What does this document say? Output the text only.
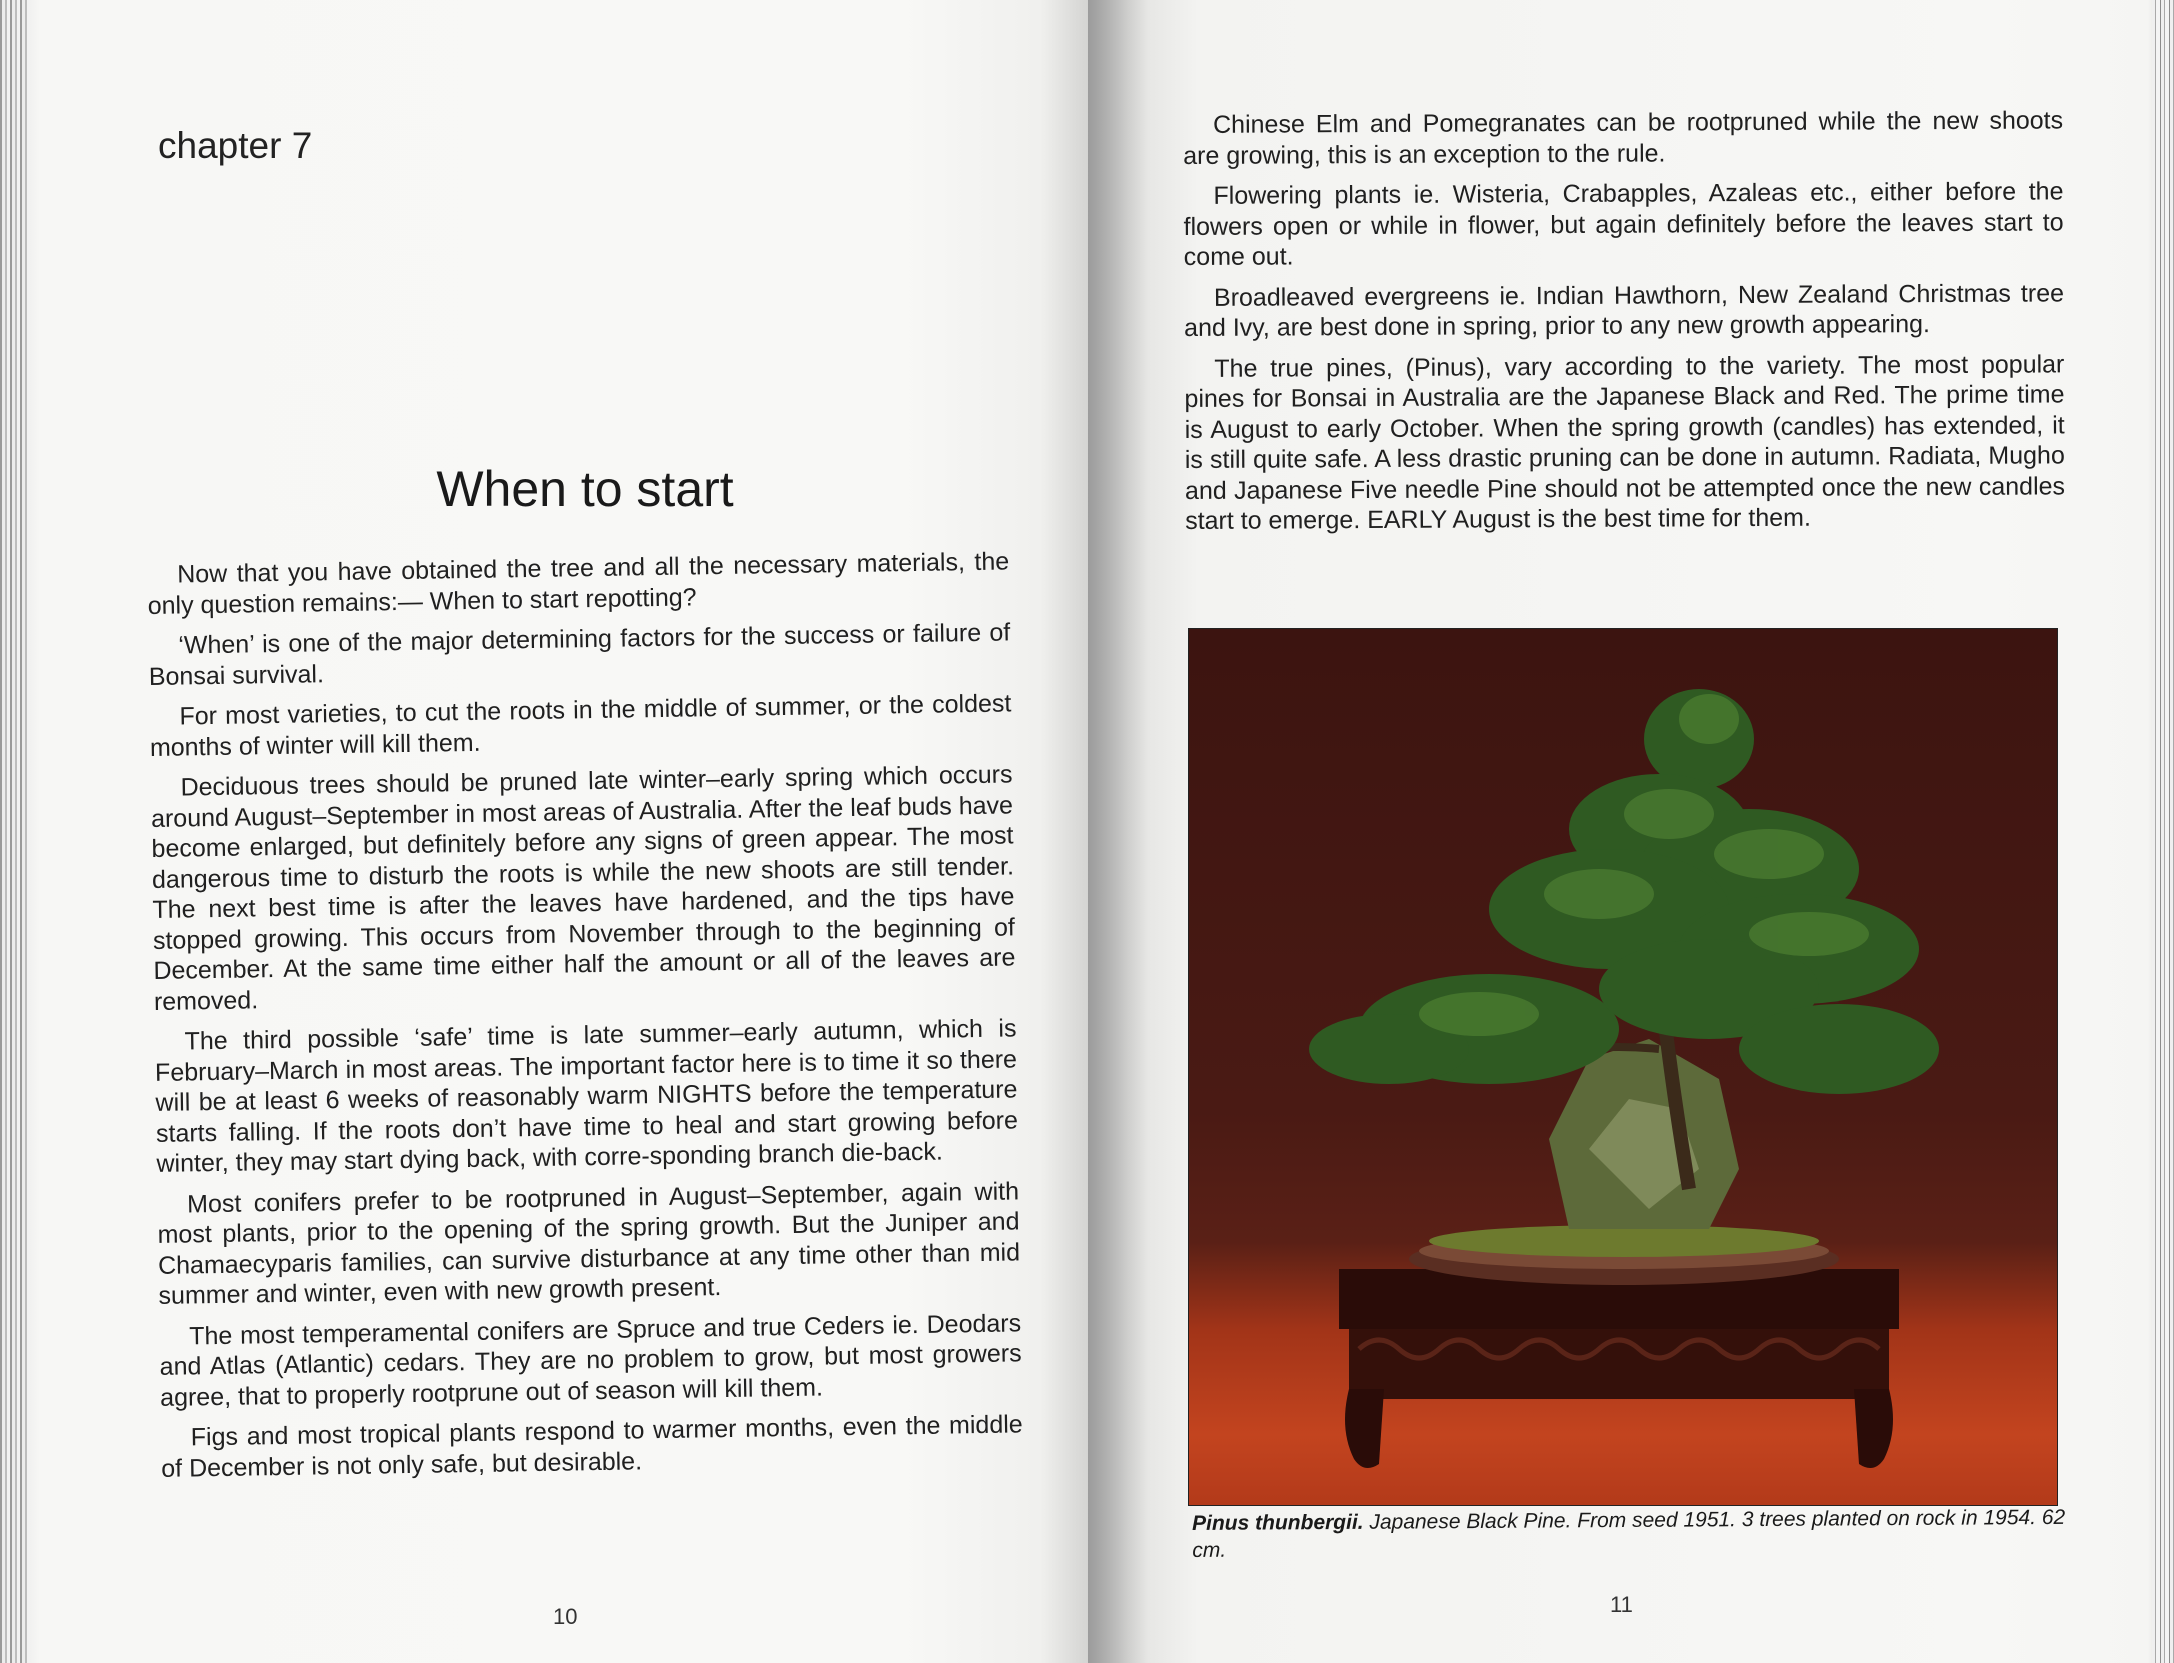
chapter 7
When to start

Now that you have obtained the tree and all the necessary materials, the only question remains:— When to start repotting?

‘When’ is one of the major determining factors for the success or failure of Bonsai survival.

For most varieties, to cut the roots in the middle of summer, or the coldest months of winter will kill them.

Deciduous trees should be pruned late winter–early spring which occurs around August–September in most areas of Australia. After the leaf buds have become enlarged, but definitely before any signs of green appear. The most dangerous time to disturb the roots is while the new shoots are still tender. The next best time is after the leaves have hardened, and the tips have stopped growing. This occurs from November through to the beginning of December. At the same time either half the amount or all of the leaves are removed.

The third possible ‘safe’ time is late summer–early autumn, which is February–March in most areas. The important factor here is to time it so there will be at least 6 weeks of reasonably warm NIGHTS before the temperature starts falling. If the roots don’t have time to heal and start growing before winter, they may start dying back, with corre-sponding branch die-back.

Most conifers prefer to be rootpruned in August–September, again with most plants, prior to the opening of the spring growth. But the Juniper and Chamaecyparis families, can survive disturbance at any time other than mid summer and winter, even with new growth present.

The most temperamental conifers are Spruce and true Ceders ie. Deodars and Atlas (Atlantic) cedars. They are no problem to grow, but most growers agree, that to properly rootprune out of season will kill them.

Figs and most tropical plants respond to warmer months, even the middle of December is not only safe, but desirable.

10

Chinese Elm and Pomegranates can be rootpruned while the new shoots are growing, this is an exception to the rule.

Flowering plants ie. Wisteria, Crabapples, Azaleas etc., either before the flowers open or while in flower, but again definitely before the leaves start to come out.

Broadleaved evergreens ie. Indian Hawthorn, New Zealand Christmas tree and Ivy, are best done in spring, prior to any new growth appearing.

The true pines, (Pinus), vary according to the variety. The most popular pines for Bonsai in Australia are the Japanese Black and Red. The prime time is August to early October. When the spring growth (candles) has extended, it is still quite safe. A less drastic pruning can be done in autumn. Radiata, Mugho and Japanese Five needle Pine should not be attempted once the new candles start to emerge. EARLY August is the best time for them.

Pinus thunbergii. Japanese Black Pine. From seed 1951. 3 trees planted on rock in 1954. 62 cm.
11
